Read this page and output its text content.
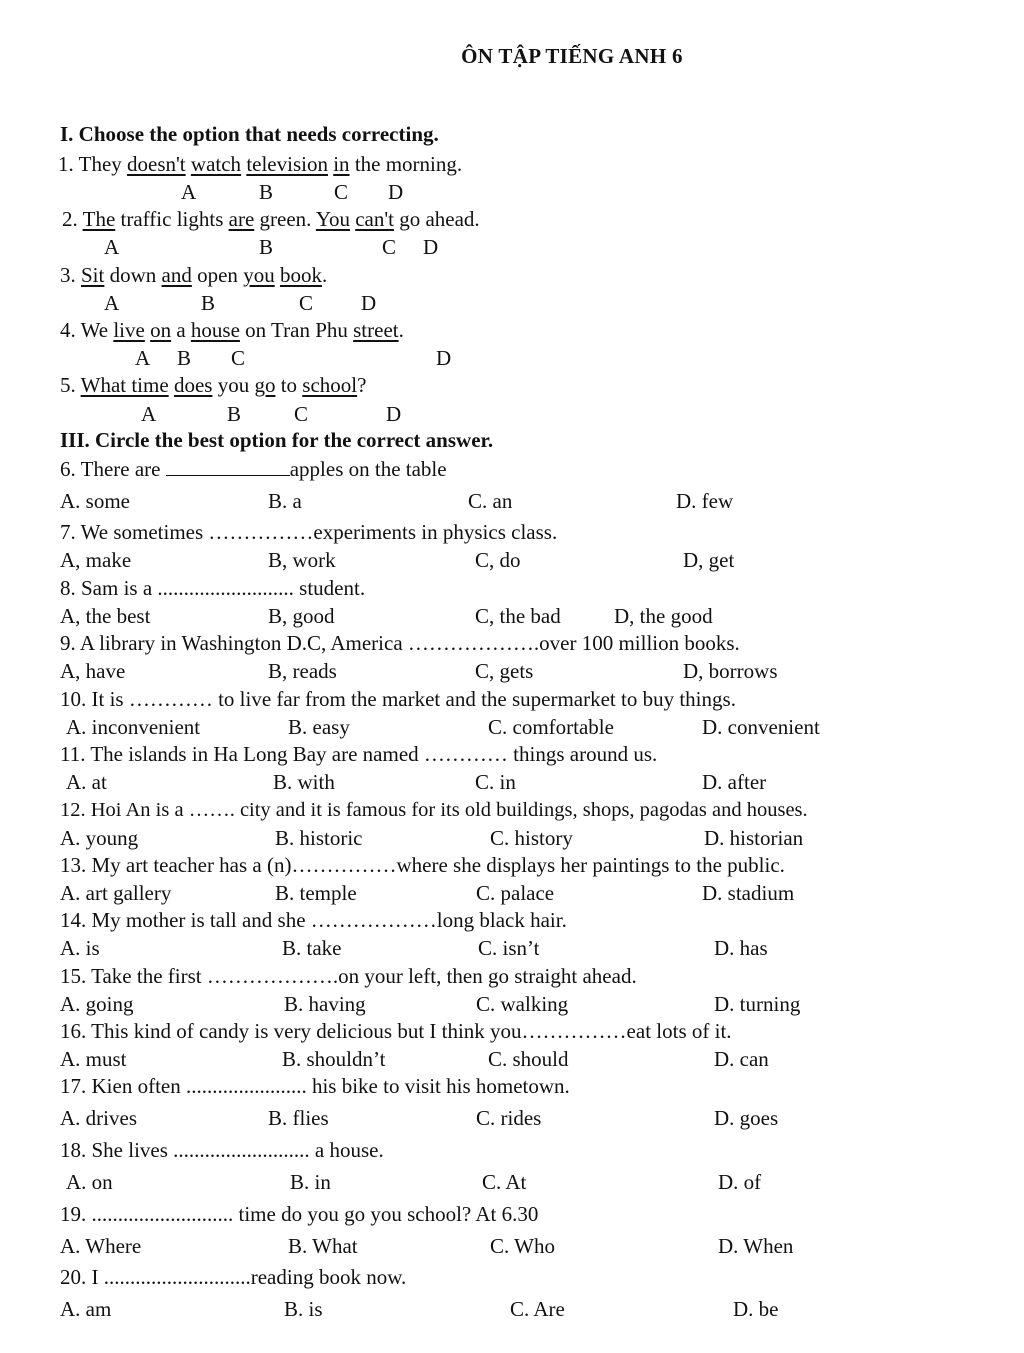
ÔN TẬP TIẾNG ANH 6
I. Choose the option that needs correcting.
1. They doesn't watch television in the morning.
A	B	C D
2. The traffic lights are green. You can't go ahead.
A	B	C D
3. Sit down and open you book.
A	B	C D
4. We live on a house on Tran Phu street.
A B C	D
5. What time does you go to school?
A	B	C	D
III. Circle the best option for the correct answer.
6. There are	apples on the table
A. some	B. a	C. an	D. few
7. We sometimes ……………experiments in physics class.
A, make	B, work	C, do	D, get
8. Sam is a .......................... student.
A, the best	B, good	C, the bad	D, the good
9. A library in Washington D.C, America ……………….over 100 million books.
A, have	B, reads	C, gets	D, borrows
10. It is ………… to live far from the market and the supermarket to buy things.
A. inconvenient	B. easy	C. comfortable	D. convenient
11. The islands in Ha Long Bay are named ………… things around us.
A. at	B. with	C. in	D. after
12. Hoi An is a ……. city and it is famous for its old buildings, shops, pagodas and houses.
A. young	B. historic	C. history	D. historian
13. My art teacher has a (n)……………where she displays her paintings to the public.
A. art gallery	B. temple	C. palace	D. stadium
14. My mother is tall and she ………………long black hair.
A. is	B. take	C. isn’t	D. has
15. Take the first ……………….on your left, then go straight ahead.
A. going	B. having	C. walking	D. turning
16. This kind of candy is very delicious but I think you……………eat lots of it.
A. must	B. shouldn’t	C. should	D. can
17. Kien often ....................... his bike to visit his hometown.
A. drives	B. flies	C. rides	D. goes
18. She lives .......................... a house.
A. on	B. in	C. At	D. of
19. ........................... time do you go you school? At 6.30
A. Where	B. What	C. Who	D. When
20. I ............................reading book now.
A. am	B. is	C. Are	D. be
